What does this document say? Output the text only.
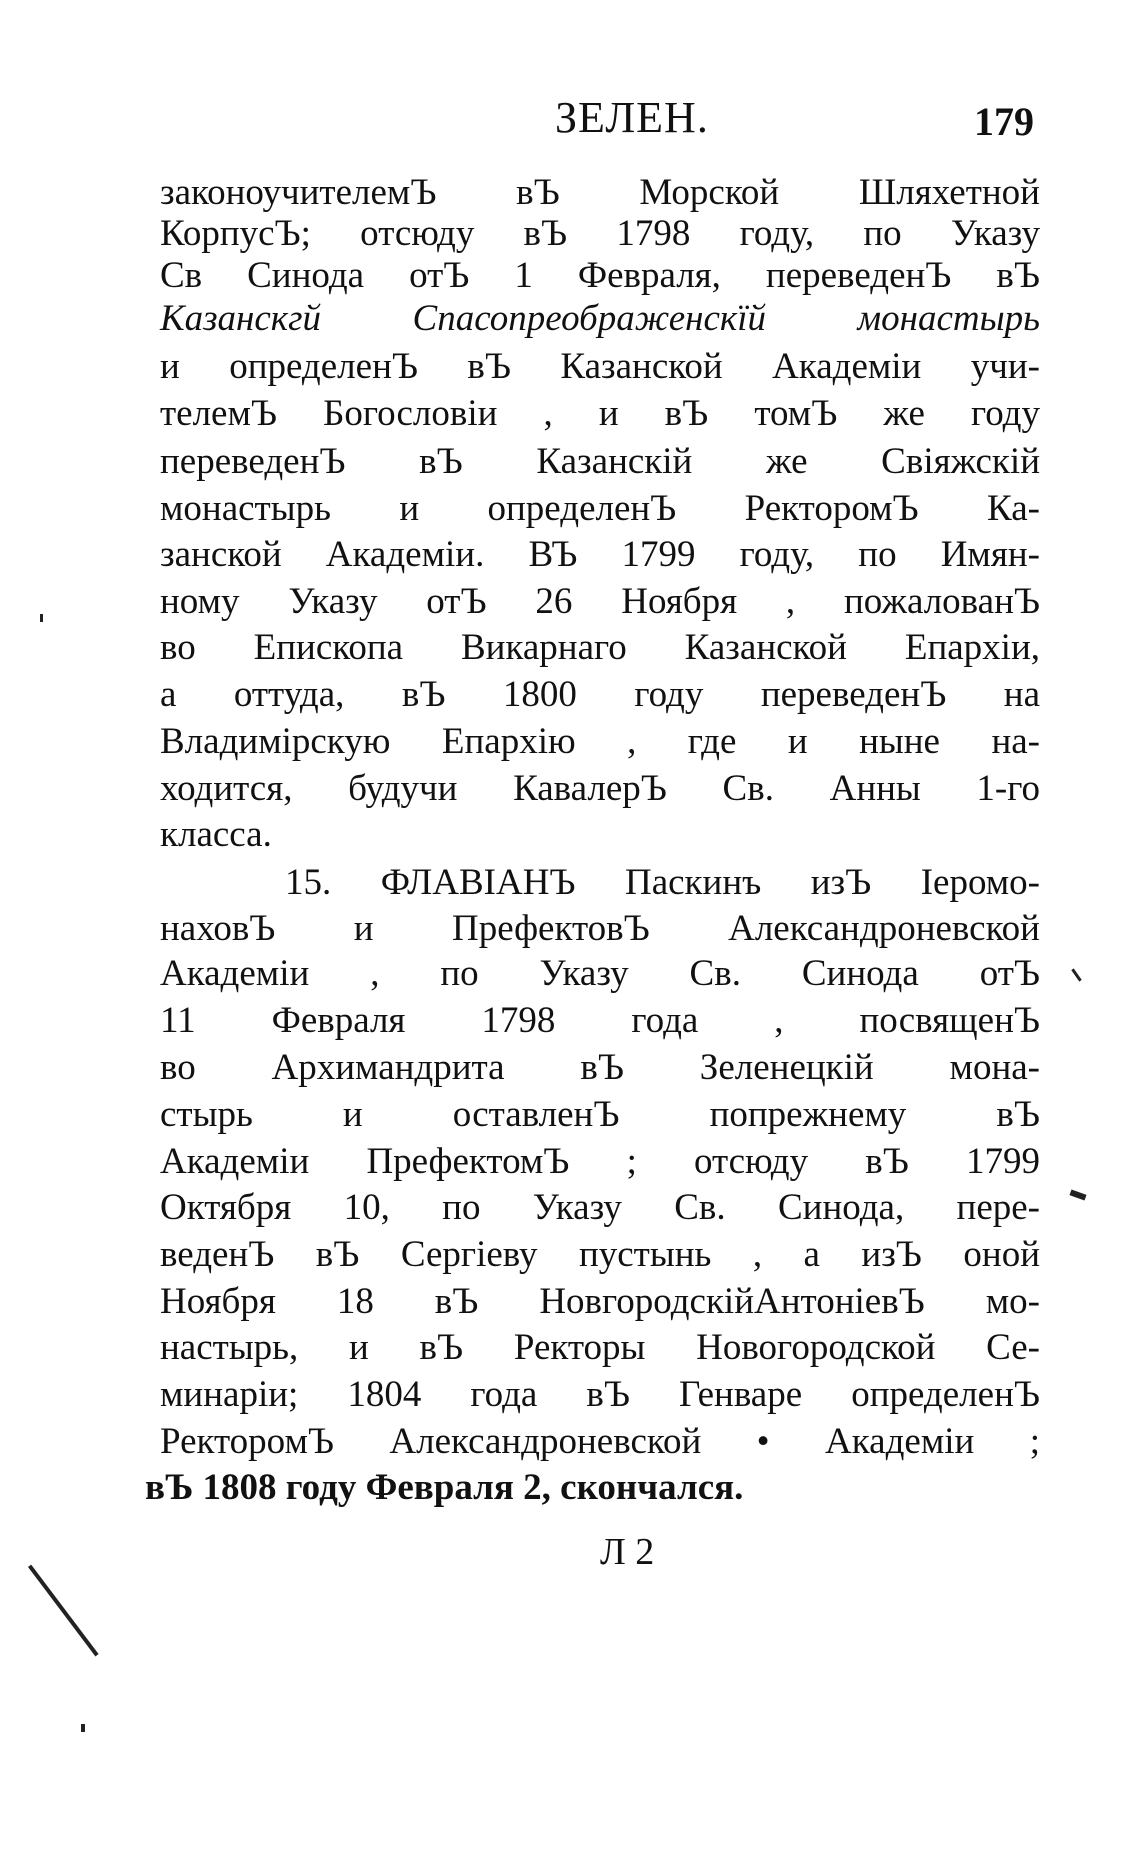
ЗЕЛЕН.	179
законоучителемЪ вЪ Морской Шляхетной
КорпусЪ; отсюду вЪ 1798 году, по Указу
Св Синода отЪ 1 Февраля, переведенЪ вЪ
Казанскгй Спасопреображенскїй монастырь
и определенЪ вЪ Казанской Академіи учи-
телемЪ Богословіи , и вЪ томЪ же году
переведенЪ вЪ Казанскій же Свіяжскій
монастырь и определенЪ РекторомЪ Ка-
занской Академіи. ВЪ 1799 году, по Имян-
ному Указу отЪ 26 Ноября , пожалованЪ
во Епископа Викарнаго Казанской Епархіи,
а оттуда, вЪ 1800 году переведенЪ на
Владимірскую Епархію , где и ныне на-
ходится, будучи КавалерЪ Св. Анны 1-го
класса.
15. ФЛАВІАНЪ Паскинъ изЪ Іеромо-
наховЪ и ПрефектовЪ Александроневской
Академіи , по Указу Св. Синода отЪ
11 Февраля 1798 года , посвященЪ
во Архимандрита вЪ Зеленецкій мона-
стырь и оставленЪ попрежнему вЪ
Академіи ПрефектомЪ ; отсюду вЪ 1799
Октября 10, по Указу Св. Синода, пере-
веденЪ вЪ Сергіеву пустынь , а изЪ оной
Ноября 18 вЪ НовгородскійАнтоніевЪ мо-
настырь, и вЪ Ректоры Новогородской Се-
минаріи; 1804 года вЪ Генваре определенЪ
РекторомЪ Александроневской • Академіи ;
вЪ 1808 году Февраля 2, скончался.
Л 2
